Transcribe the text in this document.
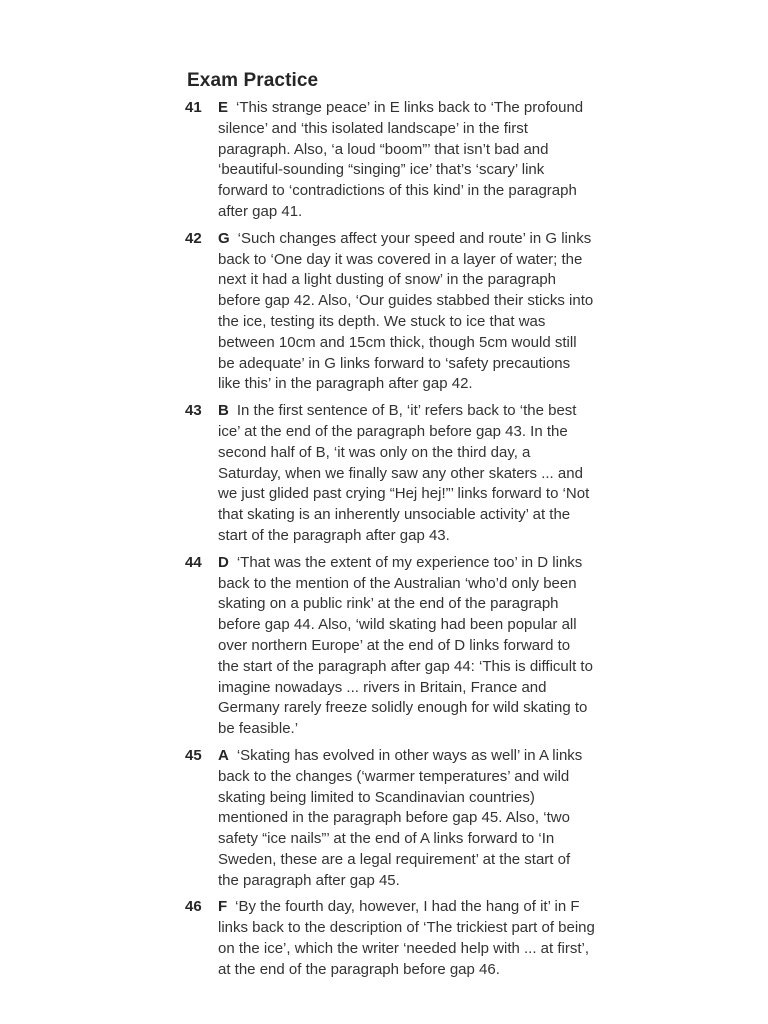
Exam Practice
41 E ‘This strange peace’ in E links back to ‘The profound silence’ and ‘this isolated landscape’ in the first paragraph. Also, ‘a loud “boom”’ that isn’t bad and ‘beautiful-sounding “singing” ice’ that’s ‘scary’ link forward to ‘contradictions of this kind’ in the paragraph after gap 41.
42 G ‘Such changes affect your speed and route’ in G links back to ‘One day it was covered in a layer of water; the next it had a light dusting of snow’ in the paragraph before gap 42. Also, ‘Our guides stabbed their sticks into the ice, testing its depth. We stuck to ice that was between 10cm and 15cm thick, though 5cm would still be adequate’ in G links forward to ‘safety precautions like this’ in the paragraph after gap 42.
43 B In the first sentence of B, ‘it’ refers back to ‘the best ice’ at the end of the paragraph before gap 43. In the second half of B, ‘it was only on the third day, a Saturday, when we finally saw any other skaters ... and we just glided past crying “Hej hej!”’ links forward to ‘Not that skating is an inherently unsociable activity’ at the start of the paragraph after gap 43.
44 D ‘That was the extent of my experience too’ in D links back to the mention of the Australian ‘who’d only been skating on a public rink’ at the end of the paragraph before gap 44. Also, ‘wild skating had been popular all over northern Europe’ at the end of D links forward to the start of the paragraph after gap 44: ‘This is difficult to imagine nowadays ... rivers in Britain, France and Germany rarely freeze solidly enough for wild skating to be feasible.’
45 A ‘Skating has evolved in other ways as well’ in A links back to the changes (‘warmer temperatures’ and wild skating being limited to Scandinavian countries) mentioned in the paragraph before gap 45. Also, ‘two safety “ice nails”’ at the end of A links forward to ‘In Sweden, these are a legal requirement’ at the start of the paragraph after gap 45.
46 F ‘By the fourth day, however, I had the hang of it’ in F links back to the description of ‘The trickiest part of being on the ice’, which the writer ‘needed help with ... at first’, at the end of the paragraph before gap 46.
